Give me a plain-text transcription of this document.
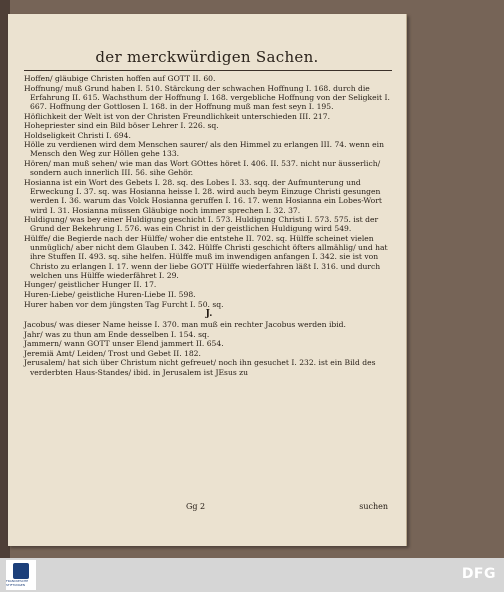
der merckwürdigen Sachen.

Hoffen/ gläubige Christen hoffen auf GOTT II. 60.

Hoffnung/ muß Grund haben I. 510. Stärckung der schwachen Hoffnung I. 168. durch die Erfahrung II. 615. Wachsthum der Hoffnung I. 168. vergebliche Hoffnung von der Seligkeit I. 667. Hoffnung der Gottlosen I. 168. in der Hoffnung muß man fest seyn I. 195.

Höflichkeit der Welt ist von der Christen Freundlichkeit unterschieden III. 217.

Hohepriester sind ein Bild böser Lehrer I. 226. sq.

Holdseligkeit Christi I. 694.

Hölle zu verdienen wird dem Menschen saurer/ als den Himmel zu erlangen III. 74. wenn ein Mensch den Weg zur Höllen gehe 133.

Hören/ man muß sehen/ wie man das Wort GOttes höret I. 406. II. 537. nicht nur äusserlich/ sondern auch innerlich III. 56. sihe Gehör.

Hosianna ist ein Wort des Gebets I. 28. sq. des Lobes I. 33. sqq. der Aufmunterung und Erweckung I. 37. sq. was Hosianna heisse I. 28. wird auch beym Einzuge Christi gesungen werden I. 36. warum das Volck Hosianna geruffen I. 16. 17. wenn Hosianna ein Lobes-Wort wird I. 31. Hosianna müssen Gläubige noch immer sprechen I. 32. 37.

Huldigung/ was bey einer Huldigung geschicht I. 573. Huldigung Christi I. 573. 575. ist der Grund der Bekehrung I. 576. was ein Christ in der geistlichen Huldigung wird 549.

Hülffe/ die Begierde nach der Hülffe/ woher die entstehe II. 702. sq. Hülffe scheinet vielen unmüglich/ aber nicht dem Glauben I. 342. Hülffe Christi geschicht öfters allmählig/ und hat ihre Stuffen II. 493. sq. sihe helfen. Hülffe muß im inwendigen anfangen I. 342. sie ist von Christo zu erlangen I. 17. wenn der liebe GOTT Hülffe wiederfahren läßt I. 316. und durch welchen uns Hülffe wiederfähret I. 29.

Hunger/ geistlicher Hunger II. 17.

Huren-Liebe/ geistliche Huren-Liebe II. 598.

Hurer haben vor dem jüngsten Tag Furcht I. 50. sq.

J.

Jacobus/ was dieser Name heisse I. 370. man muß ein rechter Jacobus werden ibid.

Jahr/ was zu thun am Ende desselben I. 154. sq.

Jammern/ wann GOTT unser Elend jammert II. 654.

Jeremiä Amt/ Leiden/ Trost und Gebet II. 182.

Jerusalem/ hat sich über Christum nicht gefreuet/ noch ihn gesuchet I. 232. ist ein Bild des verderbten Haus-Standes/ ibid. in Jerusalem ist JEsus zu

Gg 2	suchen
FRANCKESCHE STIFTUNGEN
DFG
